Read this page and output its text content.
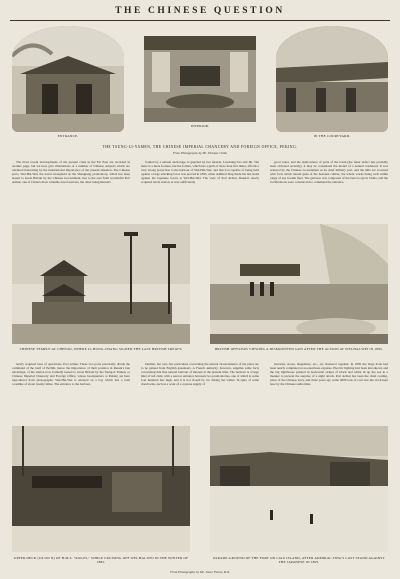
THE CHINESE QUESTION
ENTRANCE.
INTERIOR.
IN THE COURTYARD.
THE TSUNG-LI-YAMEN, THE CHINESE IMPERIAL CHANCERY AND FOREIGN OFFICE, PEKING.
From Photographs by Mr. Thomas Child.

The more recent developments of the present crisis in the Far East are recorded in another page, but we here give illustrations of a number of Chinese subjects which are rendered interesting by the international importance of the present situation. The Chinese ports, Wei-Hai-Wei, the naval stronghold on the Shangtung promontory, which has been leased to Great Britain by the Chinese Government, lies to the east from wonderful Port Arthur, one of China's most valuable naval stations; the other being Russia's

formed by a natural anchorage, is guarded by two islands, Liu-Kung-Tao and Jih. The latter is a mere fortress, but the former, which has a girth of more than five miles, affords a very strong protection to the harbour of Wei-Hai-Wei, and that it is capable of being held against a large attacking force was proved in 1895, when Admiral Ting made his last stand against the Japanese forces at Wei-Hai-Wei. The view of Port Arthur, Russia's newly acquired naval station, is now sufficiently

good water, and the shallowness of parts of the basin (the latter defect has probably been obviated recently), it may be considered the model of a natural roadstead. It was selected by the Chinese Government as its chief military port, and the hills are crowned with forts which mount guns of the heaviest calibre, the whole works being well within range of any hostile fleet. The garrison was composed of the best troops in China, and the fortifications were constructed to command the entrance.

CHINESE TEMPLE AT CHEFOO, WHERE LI-HUNG-CHANG SIGNED THE LAST BRITISH TREATY.	BRITISH OFFICERS VIEWING A DISMOUNTED GUN AFTER THE ACTION AT WEI-HAI-WEI IN 1895.

newly acquired base of operations, Port Arthur. These two ports practically divide the command of the Gulf of Pechili, hence the importance of their position in Russia's late advantage, of the station now formally leased to Great Britain by the Tsung-li-Yamen, or Chinese Imperial Chancery and Foreign Office, whose headquarters at Peking are here reproduced from photographs. Wei-Hai-Wei is situated on a bay which has a total coastline of about twenty miles. The entrance to the harbour,

familiar, but very few particulars concerning the natural characteristics of the place are to be gained from English gazetteers. A French authority, however, supplies some facts concerning this fine natural harbour of interest at the present time. The harbour is a large inlet of red clam, with a narrow entrance between two promontories, one of which is some four hundred feet high, and it is not closed by ice during the winter. In spite of some drawbacks, such as a want of a copious supply of

barracks, stores, magazines, etc., are clustered together. In 1895 the large dock had been nearly completed at an enormous expense. Electric lighting had been introduced, and the big lighthouse painted in horizontal stripes of black and white lit up the sea in a manner to prevent the surprise of a night attack. Port Arthur has been the chief coaling-place of the Chinese navy, and three years ago some 4000 tons of coal was the stock kept here by the Chinese authorities.

UPPER DECK (UP ON N) OF H.M.S. "ROLUS," WHILE CRUISING OFF WEI-HAI-WEI IN THE WINTER OF 1895.
PARADE-GROUND OF THE FORT ON LIAU ISLAND, AFTER ADMIRAL TING'S LAST STAND AGAINST THE JAPANESE IN 1895.
From Photographs by Mr. Jones Fulton, R.N.
